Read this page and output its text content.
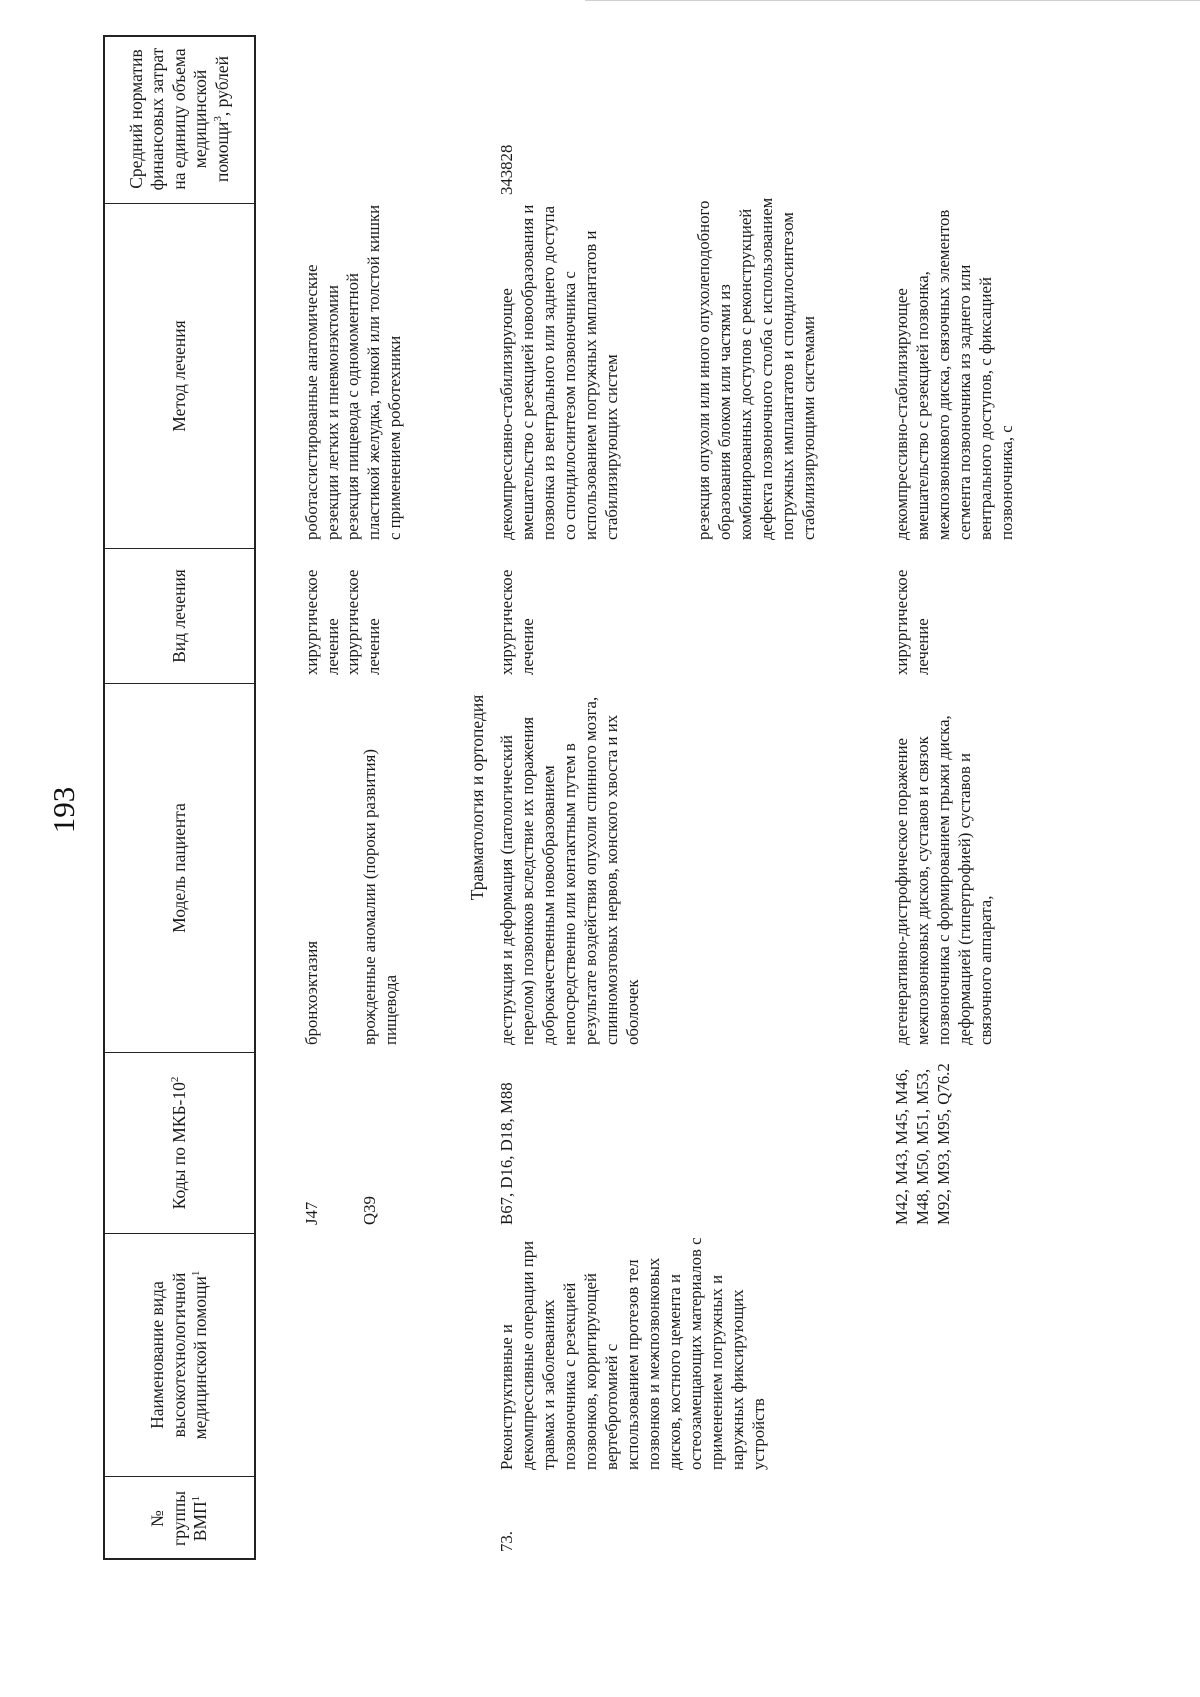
193
№ группы ВМП$^1$
Наименование вида высокотехнологичной медицинской помощи$^1$
Коды по МКБ-$10^2$
Модель пациента
Вид лечения
Метод лечения
Средний норматив финансовых затрат на единицу объема медицинской помощи$^3$, рублей
J47
бронхоэктазия
хирургическое лечение
роботассистированные анатомические резекции легких и пневмонэктомии
Q39
врожденные аномалии (пороки развития) пищевода
хирургическое лечение
резекция пищевода с одномоментной пластикой желудка, тонкой или толстой кишки с применением роботехники
Травматология и ортопедия
73.
Реконструктивные и декомпрессивные операции при травмах и заболеваниях позвоночника с резекцией позвонков, корригирующей вертебротомией с использованием протезов тел позвонков и межпозвонковых дисков, костного цемента и остеозамещающих материалов с применением погружных и наружных фиксирующих устройств
B67, D16, D18, M88
деструкция и деформация (патологический перелом) позвонков вследствие их поражения доброкачественным новообразованием непосредственно или контактным путем в результате воздействия опухоли спинного мозга, спинномозговых нервов, конского хвоста и их оболочек
хирургическое лечение
декомпрессивно-стабилизирующее вмешательство с резекцией новообразования и позвонка из вентрального или заднего доступа со спондилосинтезом позвоночника с использованием погружных имплантатов и стабилизирующих систем	резекция опухоли или иного опухолеподобного образования блоком или частями из комбинированных доступов с реконструкцией дефекта позвоночного столба с использованием погружных имплантатов и спондилосинтезом стабилизирующими системами
343828
M42, M43, M45, M46, M48, M50, M51, M53, M92, M93, M95, Q76.2
дегенеративно-дистрофическое поражение межпозвонковых дисков, суставов и связок позвоночника с формированием грыжи диска, деформацией (гипертрофией) суставов и связочного аппарата,
хирургическое лечение
декомпрессивно-стабилизирующее вмешательство с резекцией позвонка, межпозвонкового диска, связочных элементов сегмента позвоночника из заднего или вентрального доступов, с фиксацией позвоночника, с
